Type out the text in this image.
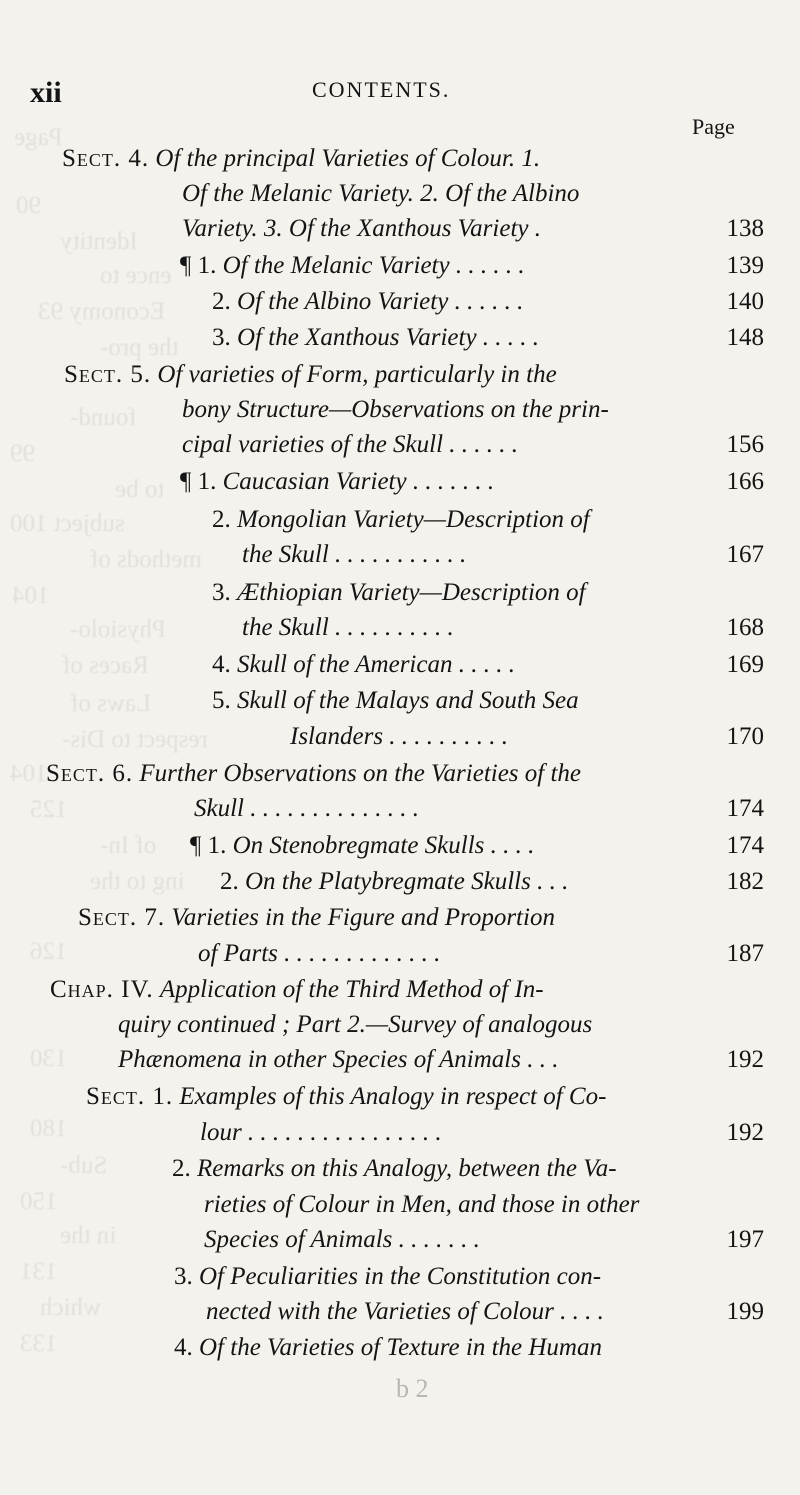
Page
90
Identity
ence to
Economy 93
the pro-
found-
99
to be
subject 100
methods of
104
Physiolo-
Races of
Laws of
respect to Dis-
104
125
of In-
ing to the
126
130
180
Sub-
150
in the
131
which
133
xii	CONTENTS.
Page
Sect. 4. Of the principal Varieties of Colour. 1.
Of the Melanic Variety. 2. Of the Albino
Variety. 3. Of the Xanthous Variety .	138
¶ 1. Of the Melanic Variety . . . . . .	139
2. Of the Albino Variety . . . . . .	140
3. Of the Xanthous Variety . . . . .	148
Sect. 5. Of varieties of Form, particularly in the
bony Structure—Observations on the prin-
cipal varieties of the Skull . . . . . .	156
¶ 1. Caucasian Variety . . . . . . .	166
2. Mongolian Variety—Description of
the Skull . . . . . . . . . . .	167
3. Æthiopian Variety—Description of
the Skull . . . . . . . . . .	168
4. Skull of the American . . . . .	169
5. Skull of the Malays and South Sea
Islanders . . . . . . . . . .	170
Sect. 6. Further Observations on the Varieties of the
Skull . . . . . . . . . . . . . .	174
¶ 1. On Stenobregmate Skulls . . . .	174
2. On the Platybregmate Skulls . . .	182
Sect. 7. Varieties in the Figure and Proportion
of Parts . . . . . . . . . . . . .	187
Chap. IV. Application of the Third Method of In-
quiry continued ; Part 2.—Survey of analogous
Phænomena in other Species of Animals . . .	192
Sect. 1. Examples of this Analogy in respect of Co-
lour . . . . . . . . . . . . . . . .	192
2. Remarks on this Analogy, between the Va-
rieties of Colour in Men, and those in other
Species of Animals . . . . . . .	197
3. Of Peculiarities in the Constitution con-
nected with the Varieties of Colour . . . .	199
4. Of the Varieties of Texture in the Human
b 2
